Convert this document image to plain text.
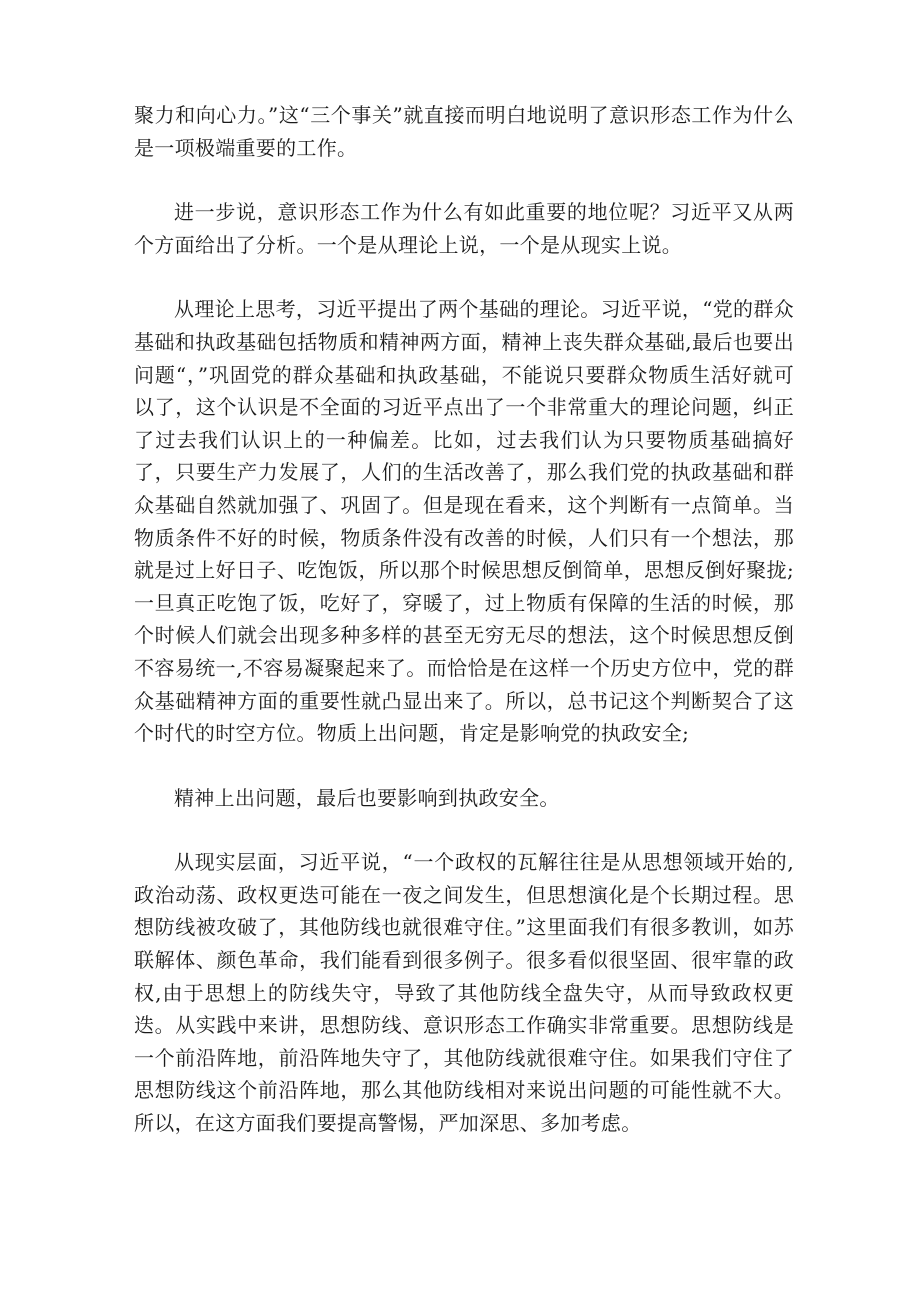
聚力和向心力。”这“三个事关”就直接而明白地说明了意识形态工作为什么是一项极端重要的工作。

进一步说，意识形态工作为什么有如此重要的地位呢？习近平又从两个方面给出了分析。一个是从理论上说，一个是从现实上说。

从理论上思考，习近平提出了两个基础的理论。习近平说，“党的群众基础和执政基础包括物质和精神两方面，精神上丧失群众基础,最后也要出问题“，”巩固党的群众基础和执政基础，不能说只要群众物质生活好就可以了，这个认识是不全面的习近平点出了一个非常重大的理论问题，纠正了过去我们认识上的一种偏差。比如，过去我们认为只要物质基础搞好了，只要生产力发展了，人们的生活改善了，那么我们党的执政基础和群众基础自然就加强了、巩固了。但是现在看来，这个判断有一点简单。当物质条件不好的时候，物质条件没有改善的时候，人们只有一个想法，那就是过上好日子、吃饱饭，所以那个时候思想反倒简单，思想反倒好聚拢;一旦真正吃饱了饭，吃好了，穿暖了，过上物质有保障的生活的时候，那个时候人们就会出现多种多样的甚至无穷无尽的想法，这个时候思想反倒不容易统一,不容易凝聚起来了。而恰恰是在这样一个历史方位中，党的群众基础精神方面的重要性就凸显出来了。所以，总书记这个判断契合了这个时代的时空方位。物质上出问题，肯定是影响党的执政安全;

精神上出问题，最后也要影响到执政安全。

从现实层面，习近平说，“一个政权的瓦解往往是从思想领域开始的,政治动荡、政权更迭可能在一夜之间发生，但思想演化是个长期过程。思想防线被攻破了，其他防线也就很难守住。”这里面我们有很多教训，如苏联解体、颜色革命，我们能看到很多例子。很多看似很坚固、很牢靠的政权,由于思想上的防线失守，导致了其他防线全盘失守，从而导致政权更迭。从实践中来讲，思想防线、意识形态工作确实非常重要。思想防线是一个前沿阵地，前沿阵地失守了，其他防线就很难守住。如果我们守住了思想防线这个前沿阵地，那么其他防线相对来说出问题的可能性就不大。所以，在这方面我们要提高警惕，严加深思、多加考虑。
